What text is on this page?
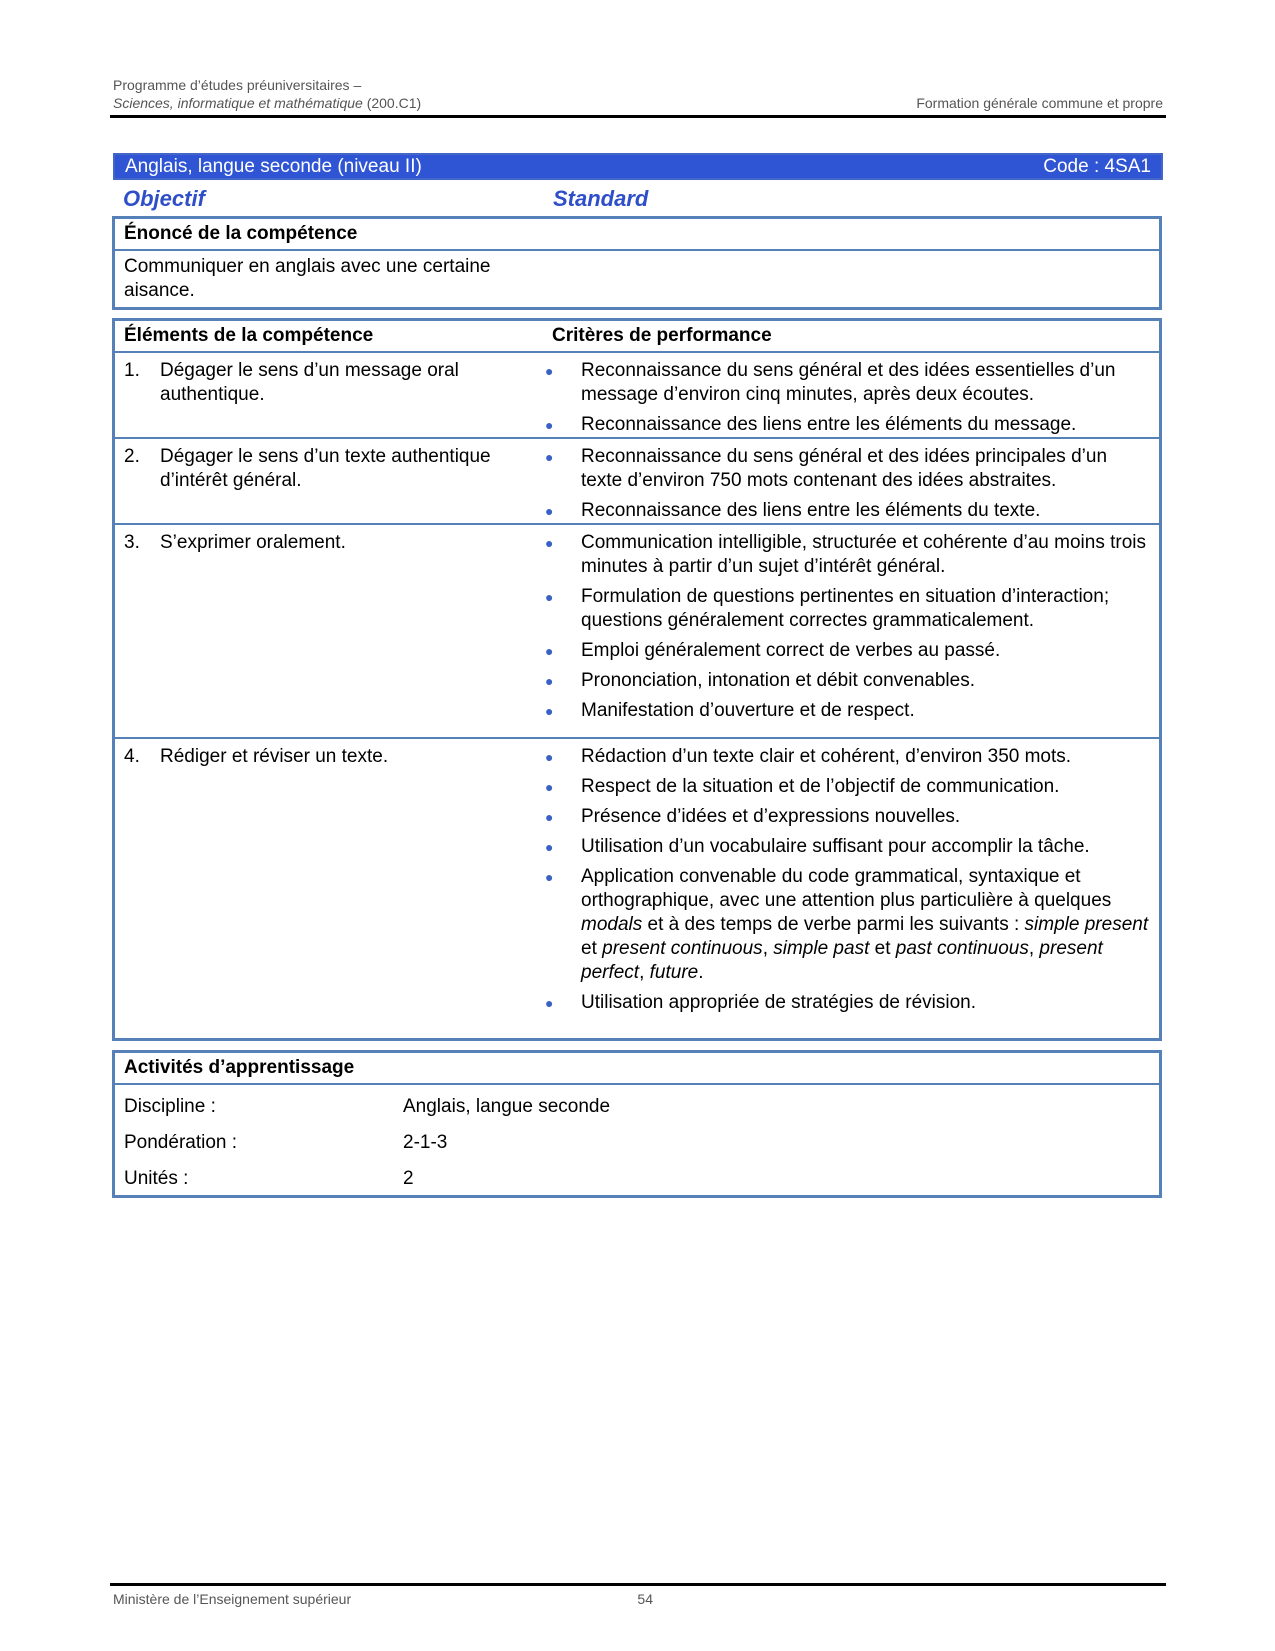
Programme d’études préuniversitaires –
Sciences, informatique et mathématique (200.C1)	Formation générale commune et propre
Anglais, langue seconde (niveau II)	Code : 4SA1
Objectif	Standard
Énoncé de la compétence
Communiquer en anglais avec une certaine aisance.
Éléments de la compétence	Critères de performance
1.	Dégager le sens d’un message oral authentique.
●	Reconnaissance du sens général et des idées essentielles d’un message d’environ cinq minutes, après deux écoutes.
●	Reconnaissance des liens entre les éléments du message.
2.	Dégager le sens d’un texte authentique d’intérêt général.
●	Reconnaissance du sens général et des idées principales d’un texte d’environ 750 mots contenant des idées abstraites.
●	Reconnaissance des liens entre les éléments du texte.
3.	S’exprimer oralement.	●	Communication intelligible, structurée et cohérente d’au moins trois minutes à partir d’un sujet d’intérêt général.
●	Formulation de questions pertinentes en situation d’interaction; questions généralement correctes grammaticalement.
●	Emploi généralement correct de verbes au passé.
●	Prononciation, intonation et débit convenables.
●	Manifestation d’ouverture et de respect.
4.	Rédiger et réviser un texte.	●	Rédaction d’un texte clair et cohérent, d’environ 350 mots.
●	Respect de la situation et de l’objectif de communication.
●	Présence d’idées et d’expressions nouvelles.
●	Utilisation d’un vocabulaire suffisant pour accomplir la tâche.
●	Application convenable du code grammatical, syntaxique et orthographique, avec une attention plus particulière à quelques modals et à des temps de verbe parmi les suivants : simple present et present continuous, simple past et past continuous, present perfect, future.
●	Utilisation appropriée de stratégies de révision.
Activités d’apprentissage
Discipline :	Anglais, langue seconde
Pondération :	2-1-3
Unités :	2
Ministère de l’Enseignement supérieur	54
